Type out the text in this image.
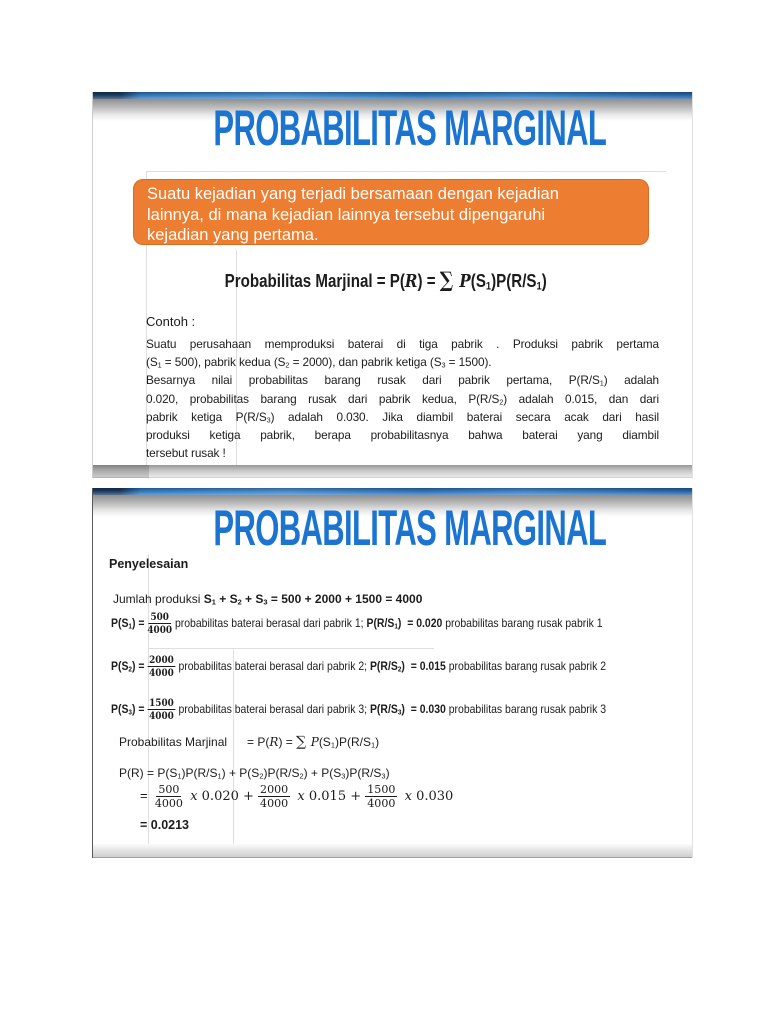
PROBABILITAS MARGINAL
Suatu kejadian yang terjadi bersamaan dengan kejadian
lainnya, di mana kejadian lainnya tersebut dipengaruhi
kejadian yang pertama.
Probabilitas Marjinal = P(R) = ∑ $P(S_1)P(R/S_1)$
Contoh :
Suatu perusahaan memproduksi baterai di tiga pabrik . Produksi pabrik pertama
$(S_1 = 500)$, pabrik kedua $(S_2 = 2000)$, dan pabrik ketiga $(S_3 = 1500)$.
Besarnya nilai probabilitas barang rusak dari pabrik pertama, $P(R/S_1)$ adalah
0.020, probabilitas barang rusak dari pabrik kedua, $P(R/S_2)$ adalah 0.015, dan dari
pabrik ketiga $P(R/S_3)$ adalah 0.030. Jika diambil baterai secara acak dari hasil
produksi ketiga pabrik, berapa probabilitasnya bahwa baterai yang diambil
tersebut rusak !
PROBABILITAS MARGINAL
Penyelesaian
Jumlah produksi $S_1 + S_2 + S_3 = 500 + 2000 + 1500 = 4000$
$P(S_1) = \frac{500}{4000}$ probabilitas baterai berasal dari pabrik 1; $P(R/S_1) = 0.020$ probabilitas barang rusak pabrik 1
$P(S_2) = \frac{2000}{4000}$ probabilitas baterai berasal dari pabrik 2; $P(R/S_2) = 0.015$ probabilitas barang rusak pabrik 2
$P(S_3) = \frac{1500}{4000}$ probabilitas baterai berasal dari pabrik 3; $P(R/S_3) = 0.030$ probabilitas barang rusak pabrik 3
Probabilitas Marjinal      = P(R) = ∑ $P(S_1)P(R/S_1)$
$P(R) = P(S_1)P(R/S_1) + P(S_2)P(R/S_2) + P(S_3)P(R/S_3)$
= $\frac{500}{4000}$ x $0.020 + \frac{2000}{4000}$ x $0.015 + \frac{1500}{4000}$ x 0.030
= 0.0213
